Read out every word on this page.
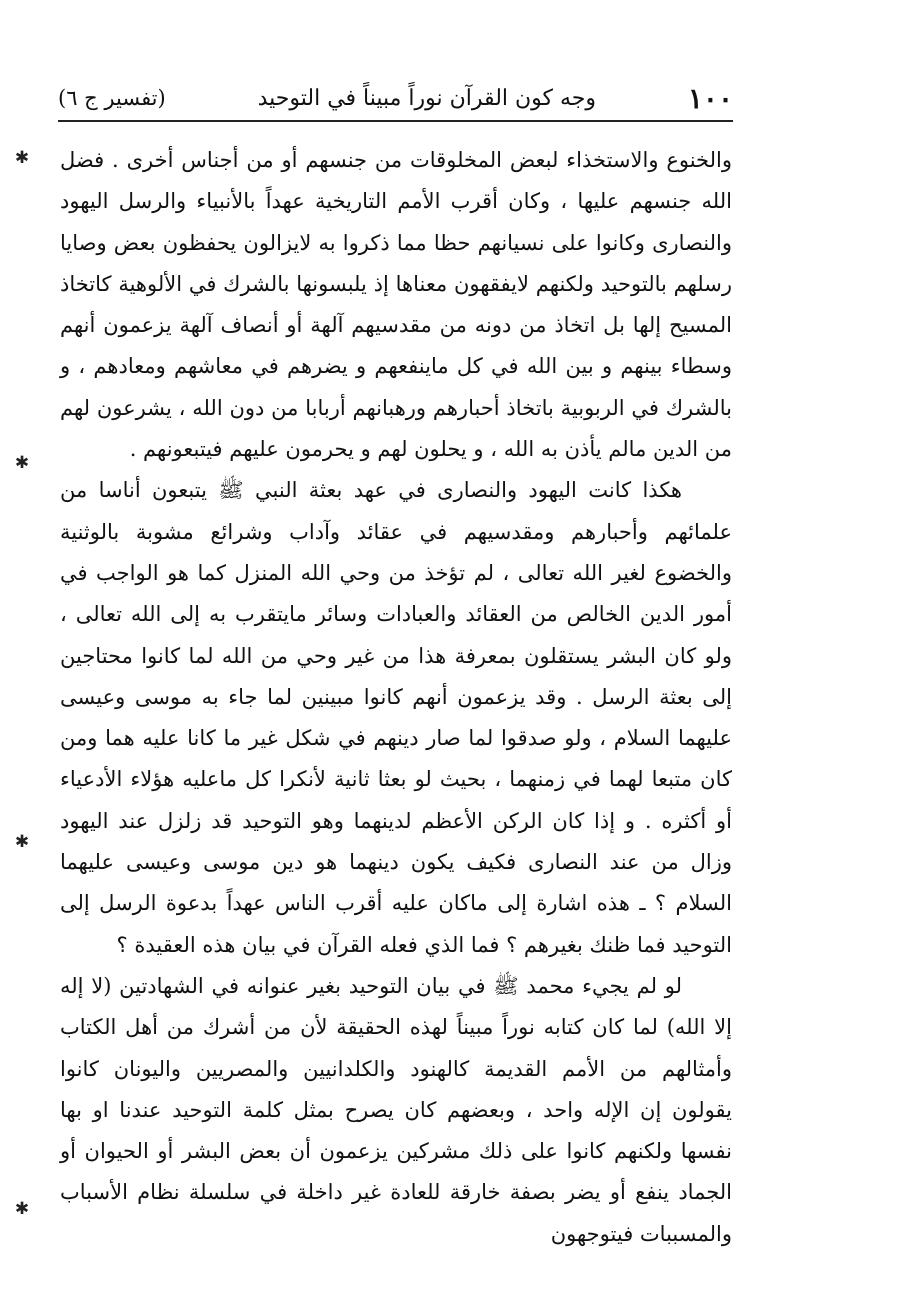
١٠٠
وجه كون القرآن نوراً مبيناً في التوحيد
(تفسير ج ٦)

والخنوع والاستخذاء لبعض المخلوقات من جنسهم أو من أجناس أخرى . فضل الله جنسهم عليها ، وكان أقرب الأمم التاريخية عهداً بالأنبياء والرسل اليهود والنصارى وكانوا على نسيانهم حظا مما ذكروا به لايزالون يحفظون بعض وصايا رسلهم بالتوحيد ولكنهم لايفقهون معناها إذ يلبسونها بالشرك في الألوهية كاتخاذ المسيح إلها بل اتخاذ من دونه من مقدسيهم آلهة أو أنصاف آلهة يزعمون أنهم وسطاء بينهم و بين الله في كل ماينفعهم و يضرهم في معاشهم ومعادهم ، و بالشرك في الربوبية باتخاذ أحبارهم ورهبانهم أربابا من دون الله ، يشرعون لهم من الدين مالم يأذن به الله ، و يحلون لهم و يحرمون عليهم فيتبعونهم .

هكذا كانت اليهود والنصارى في عهد بعثة النبي ﷺ يتبعون أناسا من علمائهم وأحبارهم ومقدسيهم في عقائد وآداب وشرائع مشوبة بالوثنية والخضوع لغير الله تعالى ، لم تؤخذ من وحي الله المنزل كما هو الواجب في أمور الدين الخالص من العقائد والعبادات وسائر مايتقرب به إلى الله تعالى ، ولو كان البشر يستقلون بمعرفة هذا من غير وحي من الله لما كانوا محتاجين إلى بعثة الرسل . وقد يزعمون أنهم كانوا مبينين لما جاء به موسى وعيسى عليهما السلام ، ولو صدقوا لما صار دينهم في شكل غير ما كانا عليه هما ومن كان متبعا لهما في زمنهما ، بحيث لو بعثا ثانية لأنكرا كل ماعليه هؤلاء الأدعياء أو أكثره . و إذا كان الركن الأعظم لدينهما وهو التوحيد قد زلزل عند اليهود وزال من عند النصارى فكيف يكون دينهما هو دين موسى وعيسى عليهما السلام ؟ ـ هذه اشارة إلى ماكان عليه أقرب الناس عهداً بدعوة الرسل إلى التوحيد فما ظنك بغيرهم ؟ فما الذي فعله القرآن في بيان هذه العقيدة ؟

لو لم يجيء محمد ﷺ في بيان التوحيد بغير عنوانه في الشهادتين (لا إله إلا الله) لما كان كتابه نوراً مبيناً لهذه الحقيقة لأن من أشرك من أهل الكتاب وأمثالهم من الأمم القديمة كالهنود والكلدانيين والمصريين واليونان كانوا يقولون إن الإله واحد ، وبعضهم كان يصرح بمثل كلمة التوحيد عندنا او بها نفسها ولكنهم كانوا على ذلك مشركين يزعمون أن بعض البشر أو الحيوان أو الجماد ينفع أو يضر بصفة خارقة للعادة غير داخلة في سلسلة نظام الأسباب والمسببات فيتوجهون

✱
✱
✱
✱
